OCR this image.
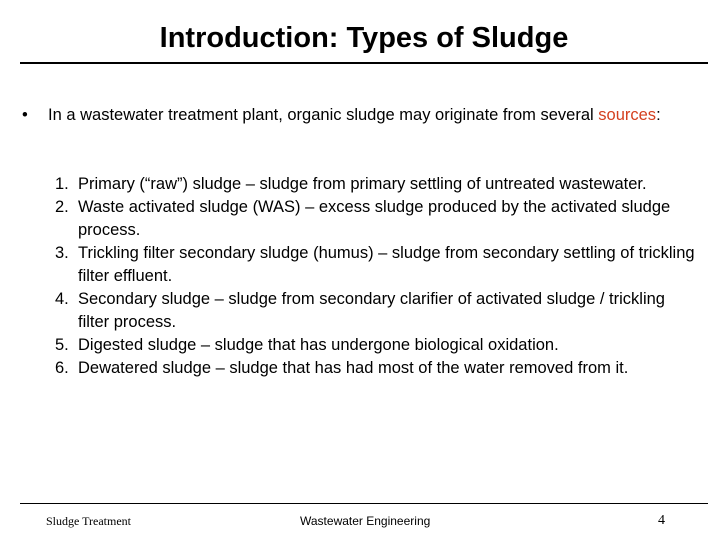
Introduction: Types of Sludge
• In a wastewater treatment plant, organic sludge may originate from several sources:
1. Primary (“raw”) sludge – sludge from primary settling of untreated wastewater.
2. Waste activated sludge (WAS) – excess sludge produced by the activated sludge process.
3. Trickling filter secondary sludge (humus) – sludge from secondary settling of trickling filter effluent.
4. Secondary sludge – sludge from secondary clarifier of activated sludge / trickling filter process.
5. Digested sludge – sludge that has undergone biological oxidation.
6. Dewatered sludge – sludge that has had most of the water removed from it.
Sludge Treatment	Wastewater Engineering	4
